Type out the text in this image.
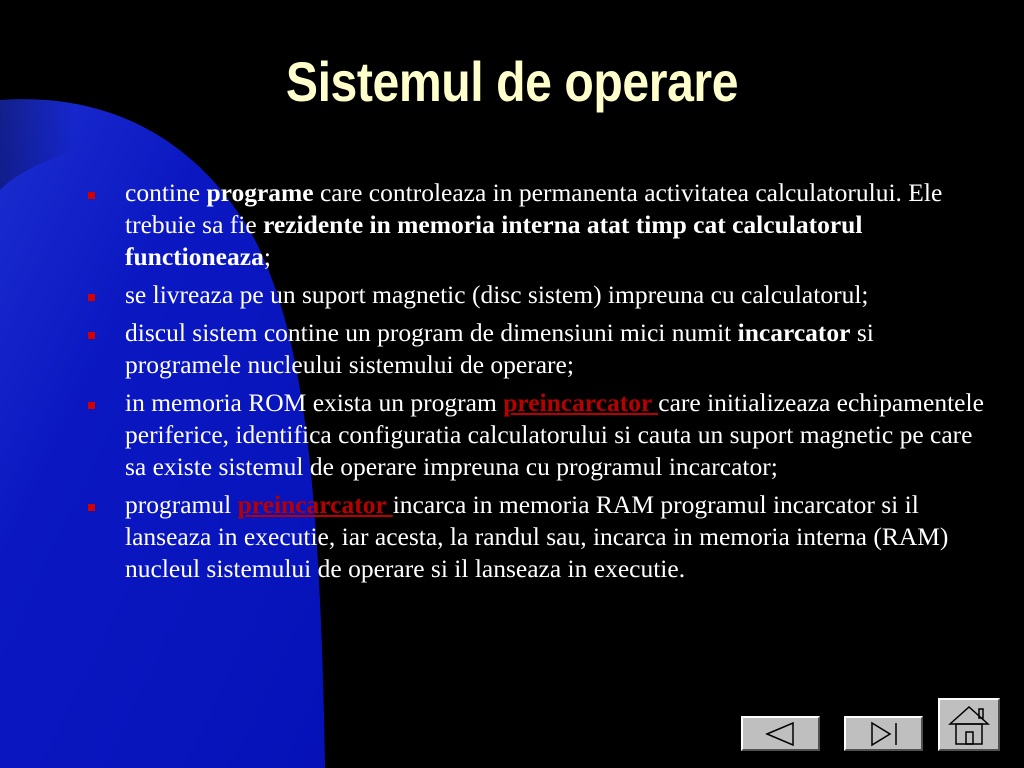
Sistemul de operare
contine programe care controleaza in permanenta activitatea calculatorului. Ele trebuie sa fie rezidente in memoria interna atat timp cat calculatorul functioneaza;
se livreaza pe un suport magnetic (disc sistem) impreuna cu calculatorul;
discul sistem contine un program de dimensiuni mici numit incarcator si programele nucleului sistemului de operare;
in memoria ROM exista un program preincarcator care initializeaza echipamentele periferice, identifica configuratia calculatorului si cauta un suport magnetic pe care sa existe sistemul de operare impreuna cu programul incarcator;
programul preincarcator incarca in memoria RAM programul incarcator si il lanseaza in executie, iar acesta, la randul sau, incarca in memoria interna (RAM) nucleul sistemului de operare si il lanseaza in executie.
